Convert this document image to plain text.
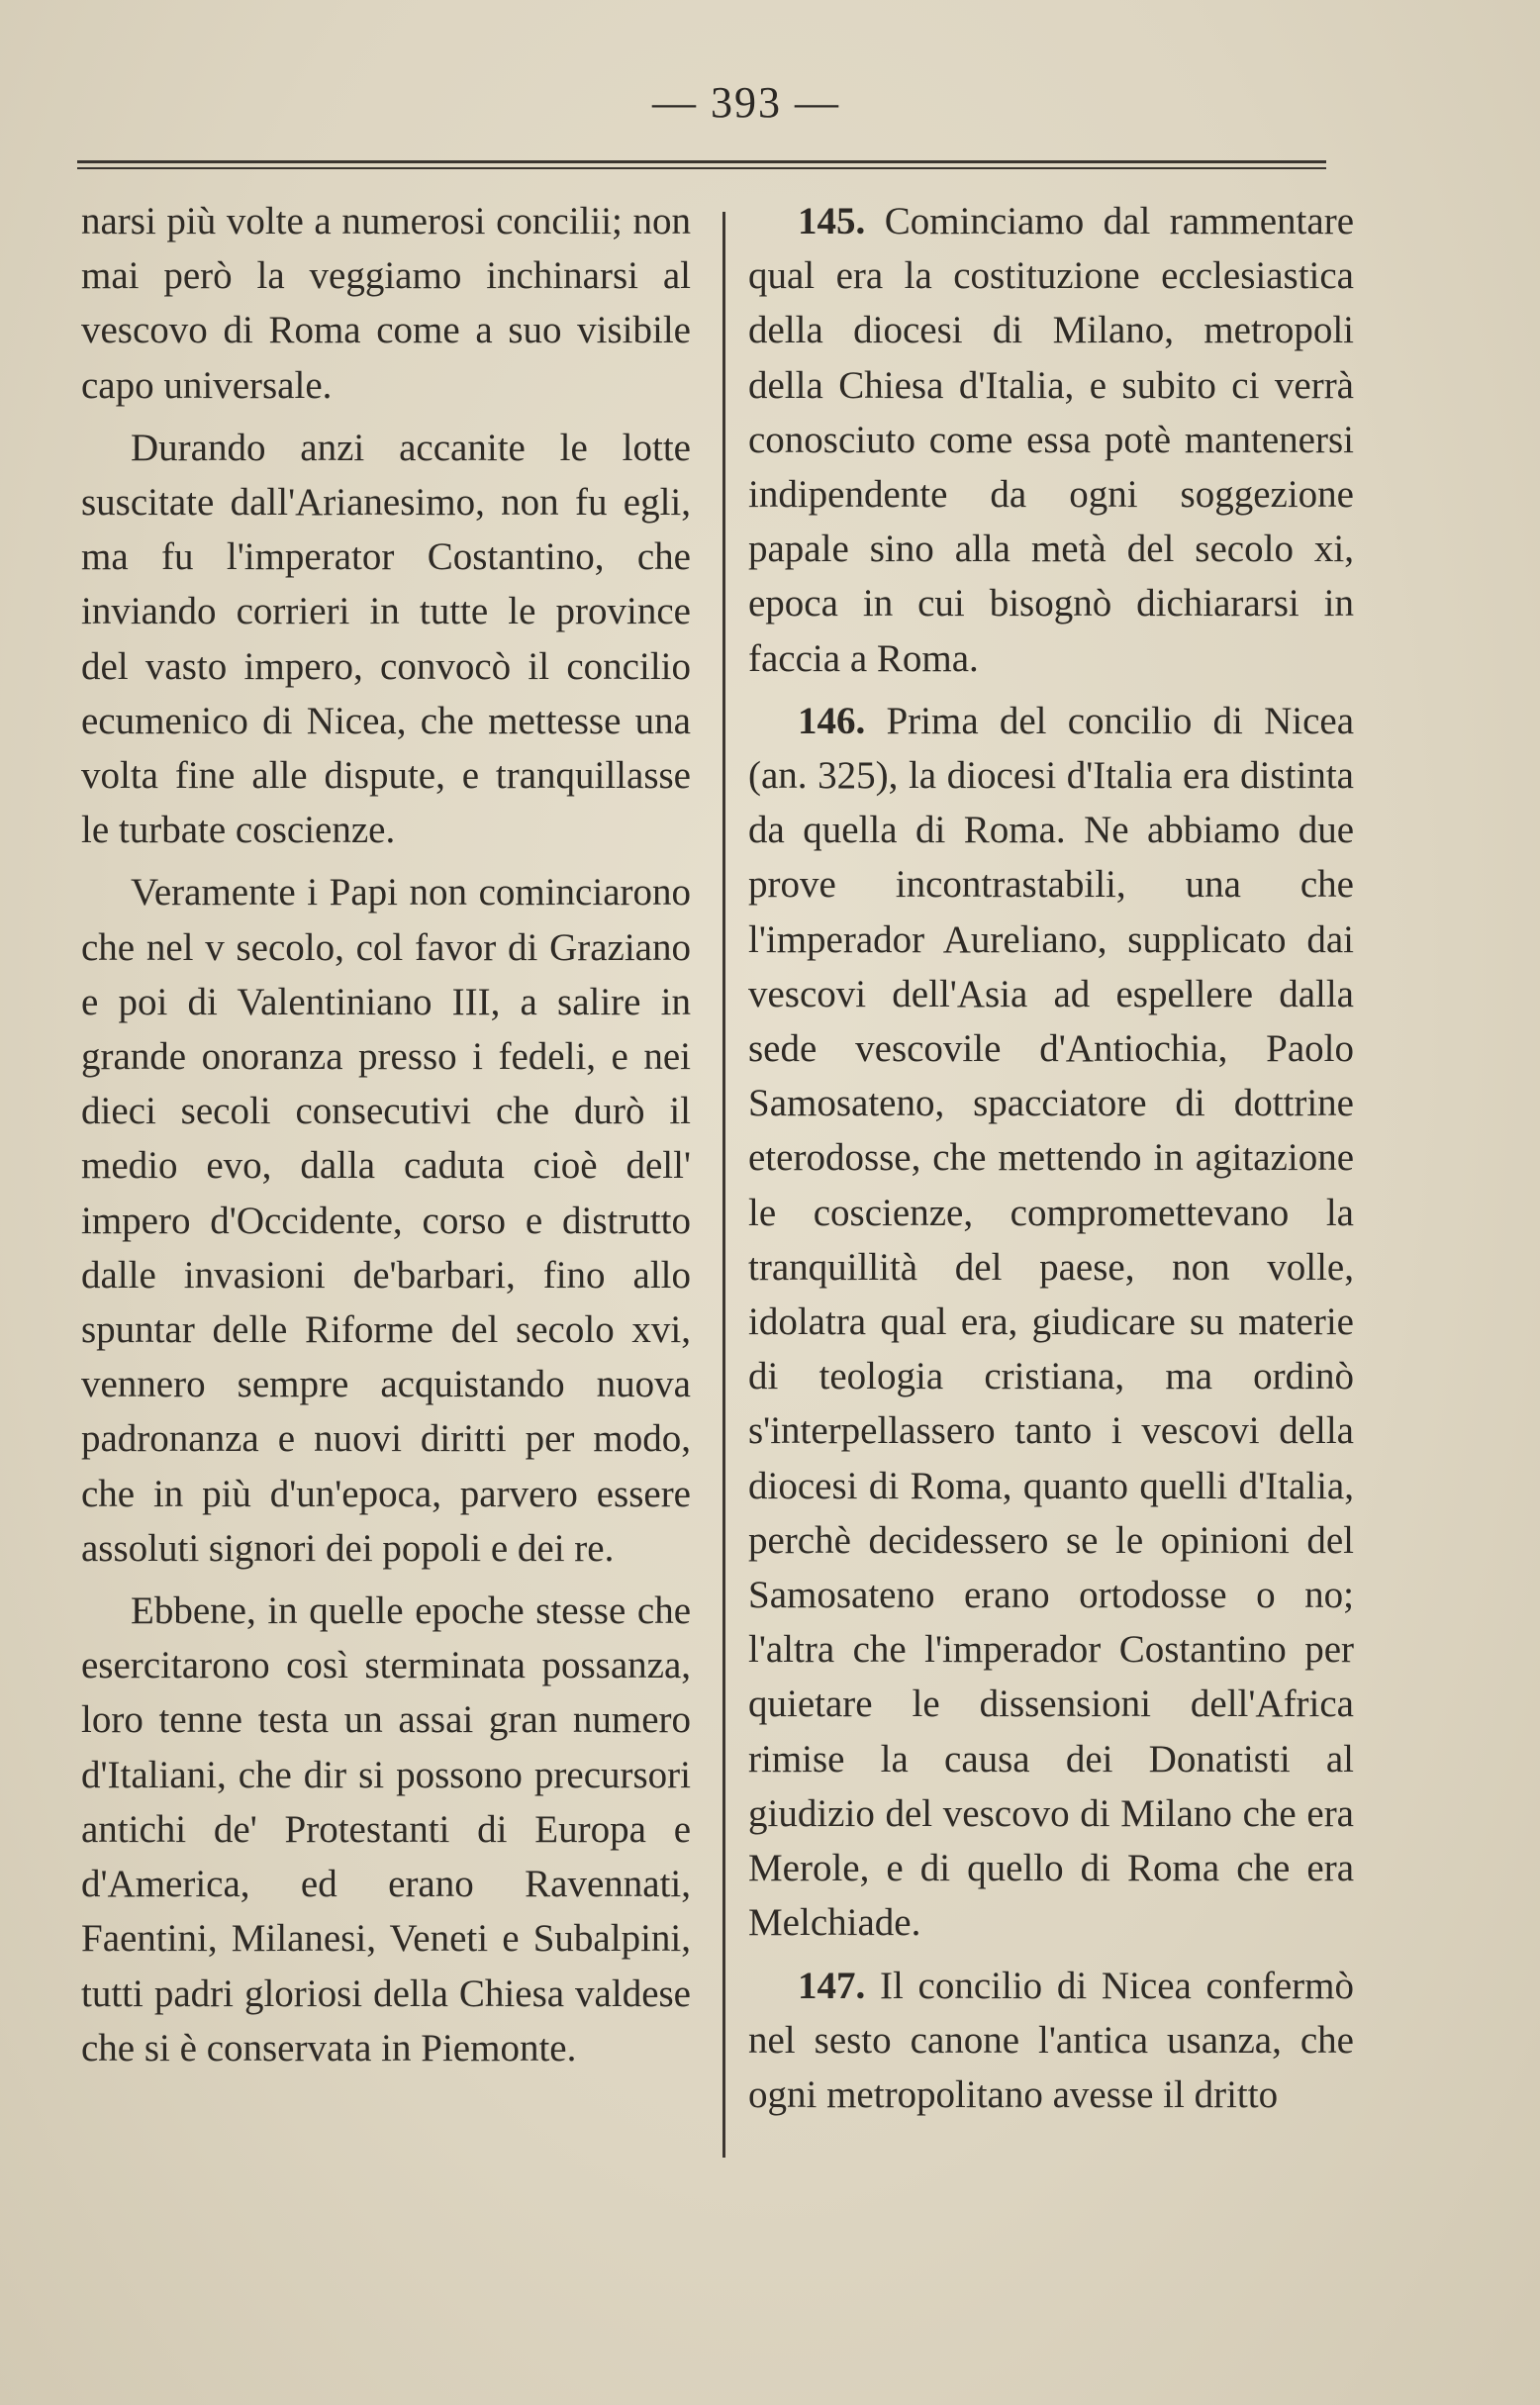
— 393 —

narsi più volte a numerosi concilii; non mai però la veggiamo inchinarsi al vescovo di Roma come a suo visibile capo universale.

Durando anzi accanite le lotte suscitate dall'Arianesimo, non fu egli, ma fu l'imperator Costantino, che inviando corrieri in tutte le province del vasto impero, convocò il concilio ecumenico di Nicea, che mettesse una volta fine alle dispute, e tranquillasse le turbate coscienze.

Veramente i Papi non cominciarono che nel v secolo, col favor di Graziano e poi di Valentiniano III, a salire in grande onoranza presso i fedeli, e nei dieci secoli consecutivi che durò il medio evo, dalla caduta cioè dell' impero d'Occidente, corso e distrutto dalle invasioni de'barbari, fino allo spuntar delle Riforme del secolo xvi, vennero sempre acquistando nuova padronanza e nuovi diritti per modo, che in più d'un'epoca, parvero essere assoluti signori dei popoli e dei re.

Ebbene, in quelle epoche stesse che esercitarono così sterminata possanza, loro tenne testa un assai gran numero d'Italiani, che dir si possono precursori antichi de' Protestanti di Europa e d'America, ed erano Ravennati, Faentini, Milanesi, Veneti e Subalpini, tutti padri gloriosi della Chiesa valdese che si è conservata in Piemonte.

145. Cominciamo dal rammentare qual era la costituzione ecclesiastica della diocesi di Milano, metropoli della Chiesa d'Italia, e subito ci verrà conosciuto come essa potè mantenersi indipendente da ogni soggezione papale sino alla metà del secolo xi, epoca in cui bisognò dichiararsi in faccia a Roma.

146. Prima del concilio di Nicea (an. 325), la diocesi d'Italia era distinta da quella di Roma. Ne abbiamo due prove incontrastabili, una che l'imperador Aureliano, supplicato dai vescovi dell'Asia ad espellere dalla sede vescovile d'Antiochia, Paolo Samosateno, spacciatore di dottrine eterodosse, che mettendo in agitazione le coscienze, compromettevano la tranquillità del paese, non volle, idolatra qual era, giudicare su materie di teologia cristiana, ma ordinò s'interpellassero tanto i vescovi della diocesi di Roma, quanto quelli d'Italia, perchè decidessero se le opinioni del Samosateno erano ortodosse o no; l'altra che l'imperador Costantino per quietare le dissensioni dell'Africa rimise la causa dei Donatisti al giudizio del vescovo di Milano che era Merole, e di quello di Roma che era Melchiade.

147. Il concilio di Nicea confermò nel sesto canone l'antica usanza, che ogni metropolitano avesse il dritto
